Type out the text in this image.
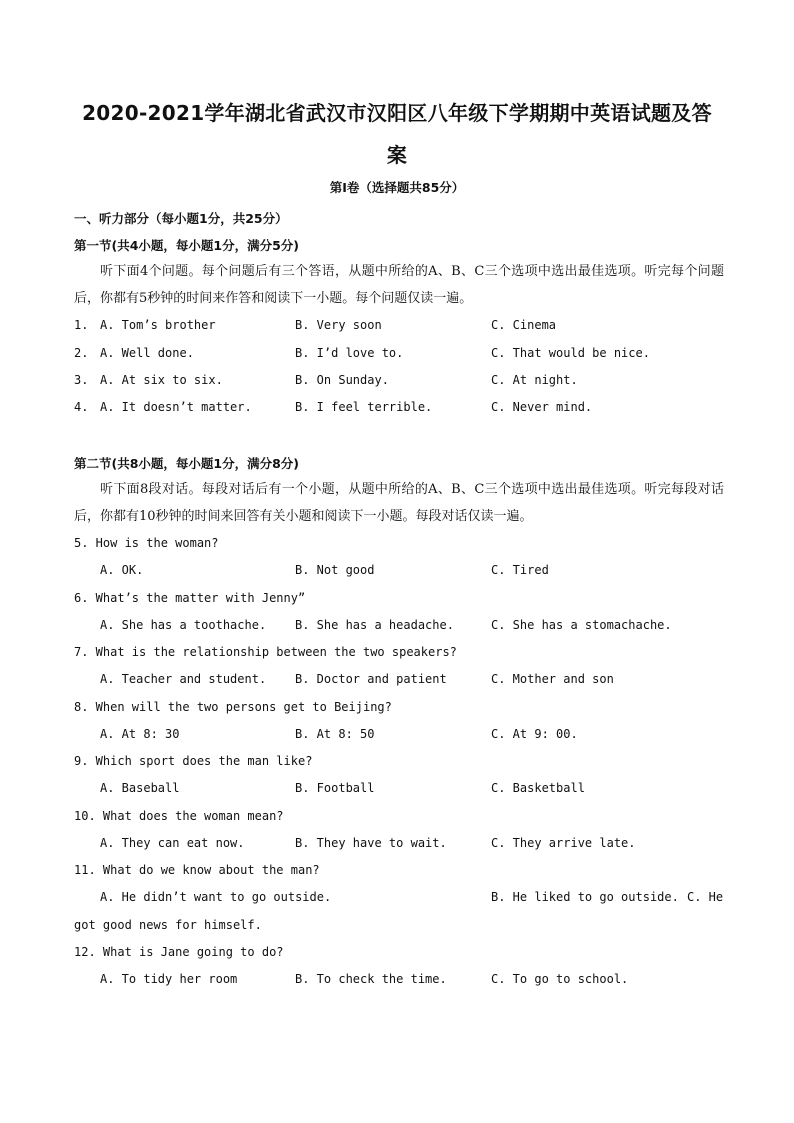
2020-2021学年湖北省武汉市汉阳区八年级下学期期中英语试题及答
案
第Ⅰ卷（选择题共85分）
一、听力部分（每小题1分，共25分）
第一节(共4小题，每小题1分，满分5分)
听下面4个问题。每个问题后有三个答语，从题中所给的A、B、C三个选项中选出最佳选项。听完每个问题后，你都有5秒钟的时间来作答和阅读下一小题。每个问题仅读一遍。
1. A. Tom’s brother	B. Very soon	C. Cinema
2. A. Well done.	B. I’d love to.	C. That would be nice.
3. A. At six to six.	B. On Sunday.	C. At night.
4. A. It doesn’t matter.	B. I feel terrible.	C. Never mind.
第二节(共8小题，每小题1分，满分8分)
听下面8段对话。每段对话后有一个小题，从题中所给的A、B、C三个选项中选出最佳选项。听完每段对话后，你都有10秒钟的时间来回答有关小题和阅读下一小题。每段对话仅读一遍。
5. How is the woman?
A. OK.	B. Not good	C. Tired
6. What’s the matter with Jenny”
A. She has a toothache. B. She has a headache.	C. She has a stomachache.
7. What is the relationship between the two speakers?
A. Teacher and student. B. Doctor and patient	C. Mother and son
8. When will the two persons get to Beijing?
A. At 8: 30	B. At 8: 50	C. At 9: 00.
9. Which sport does the man like?
A. Baseball	B. Football	C. Basketball
10. What does the woman mean?
A. They can eat now.	B. They have to wait.	C. They arrive late.
11. What do we know about the man?
A. He didn’t want to go outside.	B. He liked to go outside. C. He
got good news for himself.
12. What is Jane going to do?
A. To tidy her room	B. To check the time.	C. To go to school.
